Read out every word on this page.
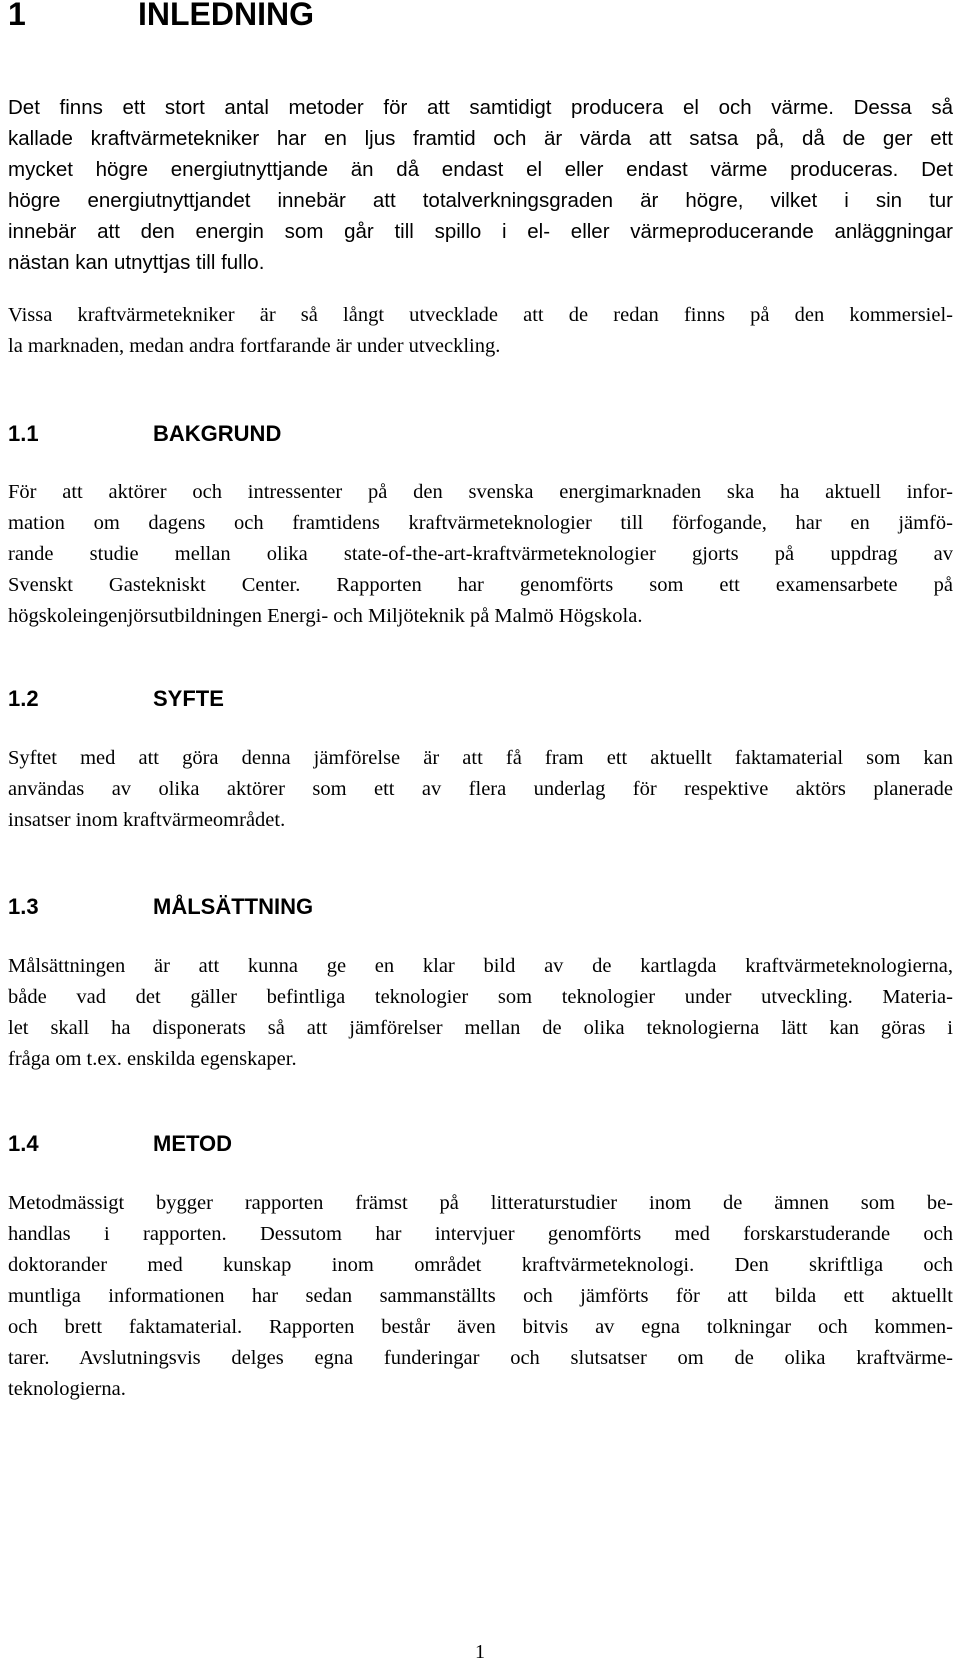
1	INLEDNING

Det finns ett stort antal metoder för att samtidigt producera el och värme. Dessa så
kallade kraftvärmetekniker har en ljus framtid och är värda att satsa på, då de ger ett
mycket högre energiutnyttjande än då endast el eller endast värme produceras. Det
högre energiutnyttjandet innebär att totalverkningsgraden är högre, vilket i sin tur
innebär att den energin som går till spillo i el- eller värmeproducerande anläggningar
nästan kan utnyttjas till fullo.

Vissa kraftvärmetekniker är så långt utvecklade att de redan finns på den kommersiel-
la marknaden, medan andra fortfarande är under utveckling.

1.1	BAKGRUND

För att aktörer och intressenter på den svenska energimarknaden ska ha aktuell infor-
mation om dagens och framtidens kraftvärmeteknologier till förfogande, har en jämfö-
rande studie mellan olika state-of-the-art-kraftvärmeteknologier gjorts på uppdrag av
Svenskt Gastekniskt Center. Rapporten har genomförts som ett examensarbete på
högskoleingenjörsutbildningen Energi- och Miljöteknik på Malmö Högskola.

1.2	SYFTE

Syftet med att göra denna jämförelse är att få fram ett aktuellt faktamaterial som kan
användas av olika aktörer som ett av flera underlag för respektive aktörs planerade
insatser inom kraftvärmeområdet.

1.3	MÅLSÄTTNING

Målsättningen är att kunna ge en klar bild av de kartlagda kraftvärmeteknologierna,
både vad det gäller befintliga teknologier som teknologier under utveckling. Materia-
let skall ha disponerats så att jämförelser mellan de olika teknologierna lätt kan göras i
fråga om t.ex. enskilda egenskaper.

1.4	METOD

Metodmässigt bygger rapporten främst på litteraturstudier inom de ämnen som be-
handlas i rapporten. Dessutom har intervjuer genomförts med forskarstuderande och
doktorander med kunskap inom området kraftvärmeteknologi. Den skriftliga och
muntliga informationen har sedan sammanställts och jämförts för att bilda ett aktuellt
och brett faktamaterial. Rapporten består även bitvis av egna tolkningar och kommen-
tarer. Avslutningsvis delges egna funderingar och slutsatser om de olika kraftvärme-
teknologierna.

1
